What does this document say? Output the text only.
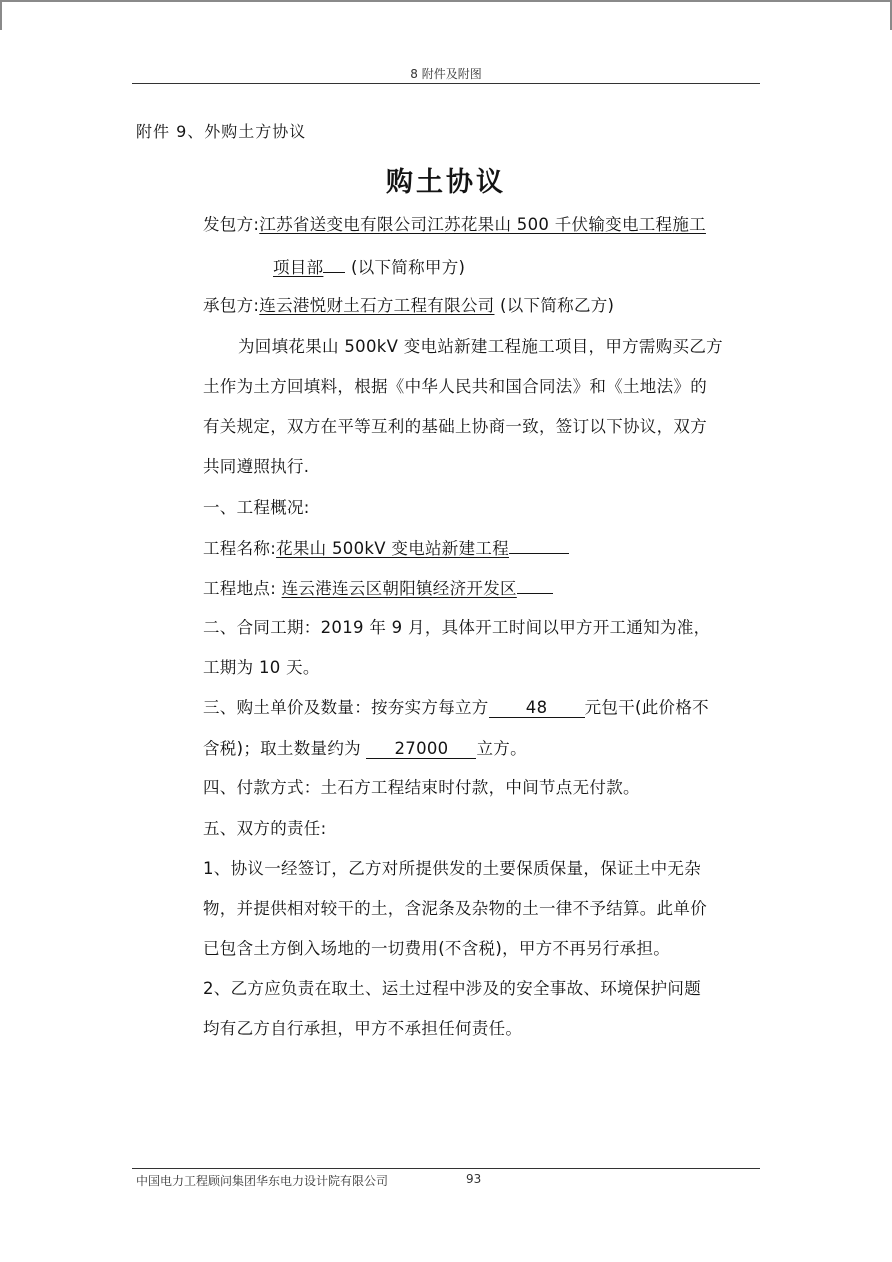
8 附件及附图
附件 9、外购土方协议
购土协议
发包方:江苏省送变电有限公司江苏花果山 500 千伏输变电工程施工
项目部 (以下简称甲方)
承包方:连云港悦财土石方工程有限公司 (以下简称乙方)
为回填花果山 500kV 变电站新建工程施工项目，甲方需购买乙方
土作为土方回填料，根据《中华人民共和国合同法》和《土地法》的
有关规定，双方在平等互利的基础上协商一致，签订以下协议，双方
共同遵照执行.
一、工程概况:
工程名称:花果山 500kV 变电站新建工程
工程地点: 连云港连云区朝阳镇经济开发区
二、合同工期：2019 年 9 月，具体开工时间以甲方开工通知为准，
工期为 10 天。
三、购土单价及数量：按夯实方每立方 48 元包干(此价格不
含税)；取土数量约为 27000 立方。
四、付款方式：土石方工程结束时付款，中间节点无付款。
五、双方的责任:
1、协议一经签订，乙方对所提供发的土要保质保量，保证土中无杂
物，并提供相对较干的土，含泥条及杂物的土一律不予结算。此单价
已包含土方倒入场地的一切费用(不含税)，甲方不再另行承担。
2、乙方应负责在取土、运土过程中涉及的安全事故、环境保护问题
均有乙方自行承担，甲方不承担任何责任。
中国电力工程顾问集团华东电力设计院有限公司	93
